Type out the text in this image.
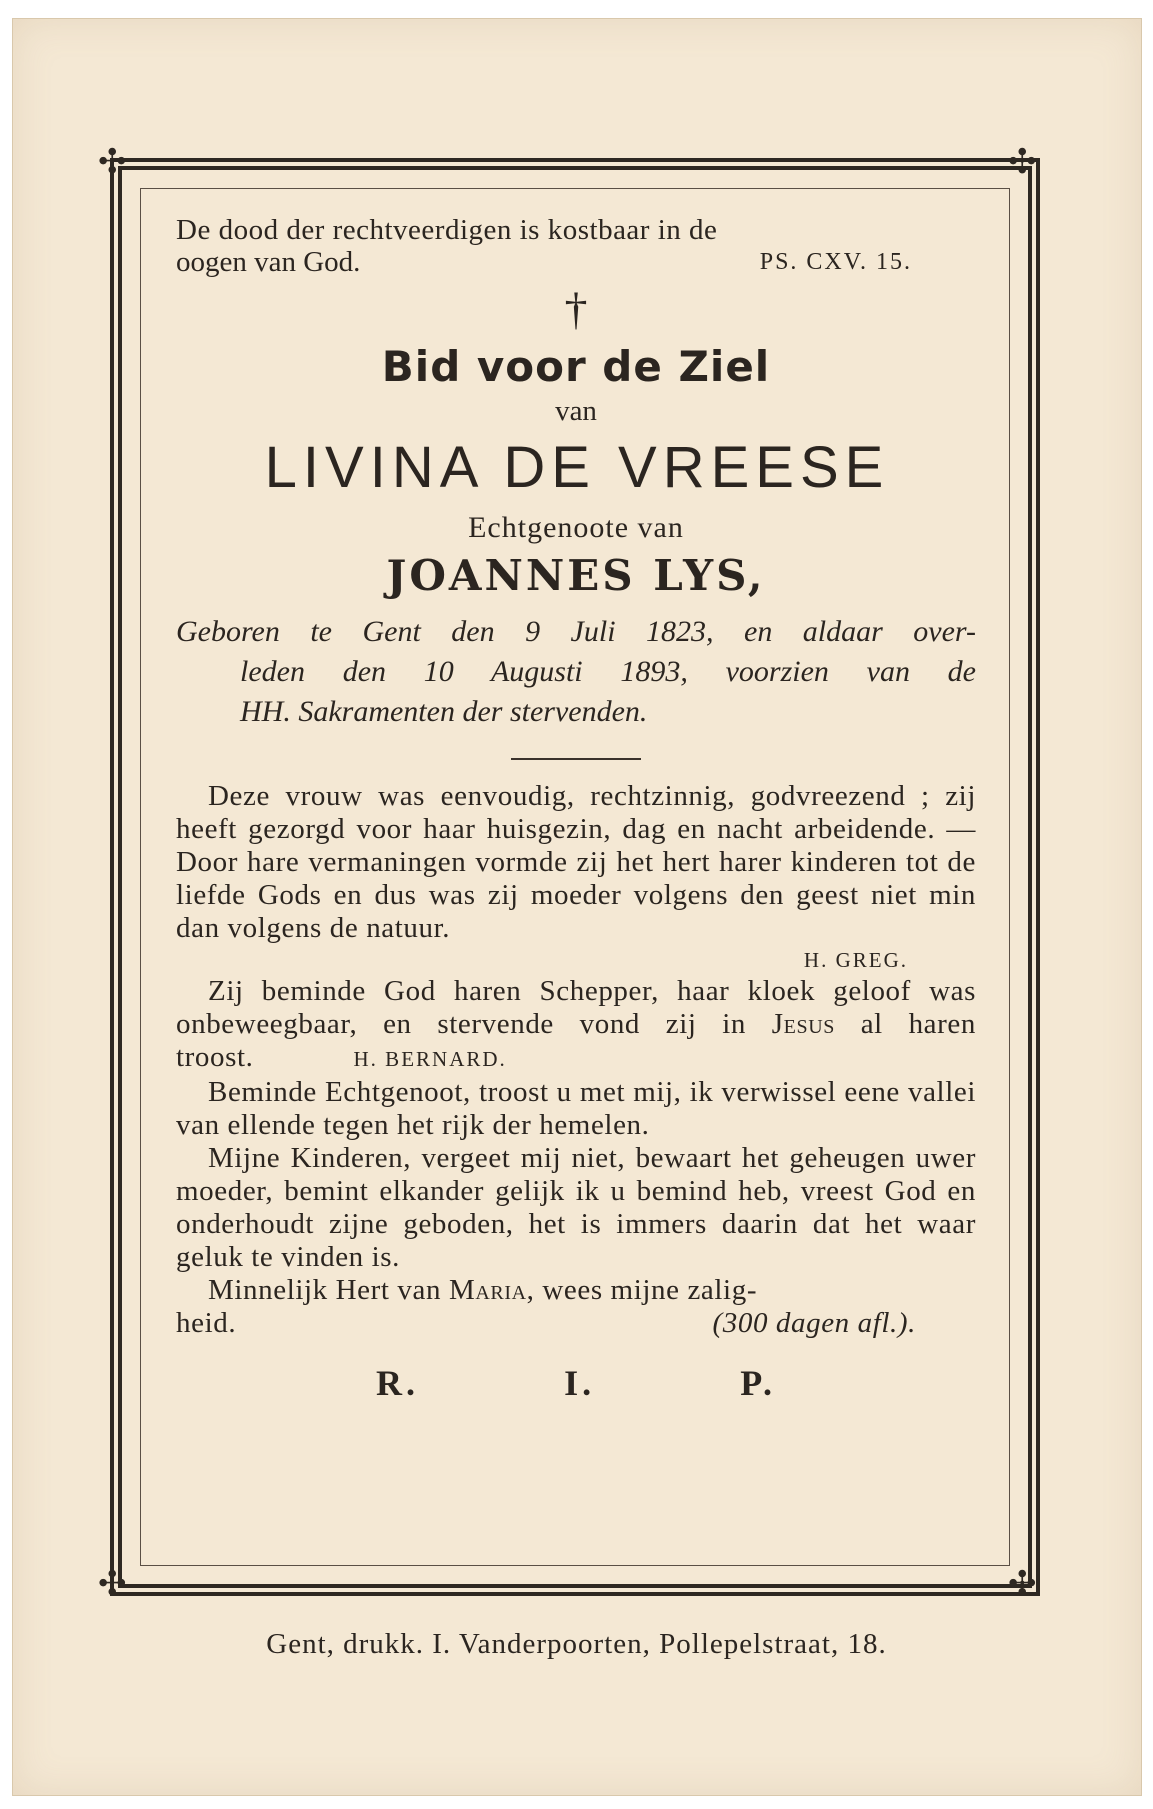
✣	✣
✣	✣

De dood der rechtveerdigen is kostbaar in de

oogen van God.	PS. CXV. 15.
†
Bid voor de Ziel
van
LIVINA DE VREESE
Echtgenoote van
JOANNES LYS,
Geboren te Gent den 9 Juli 1823, en aldaar over-
leden den 10 Augusti 1893, voorzien van de
HH. Sakramenten der stervenden.

Deze vrouw was eenvoudig, rechtzinnig, godvreezend ; zij heeft gezorgd voor haar huisgezin, dag en nacht arbeidende. — Door hare vermaningen vormde zij het hert harer kinderen tot de liefde Gods en dus was zij moeder volgens den geest niet min dan volgens de natuur.

H. GREG.

Zij beminde God haren Schepper, haar kloek geloof was onbeweegbaar, en stervende vond zij in Jesus al haren troost.	H. BERNARD.

Beminde Echtgenoot, troost u met mij, ik verwissel eene vallei van ellende tegen het rijk der hemelen.

Mijne Kinderen, vergeet mij niet, bewaart het geheugen uwer moeder, bemint elkander gelijk ik u bemind heb, vreest God en onderhoudt zijne geboden, het is immers daarin dat het waar geluk te vinden is.

Minnelijk Hert van Maria, wees mijne zalig-

heid.	(300 dagen afl.).
R.	I.	P.
Gent, drukk. I. Vanderpoorten, Pollepelstraat, 18.
